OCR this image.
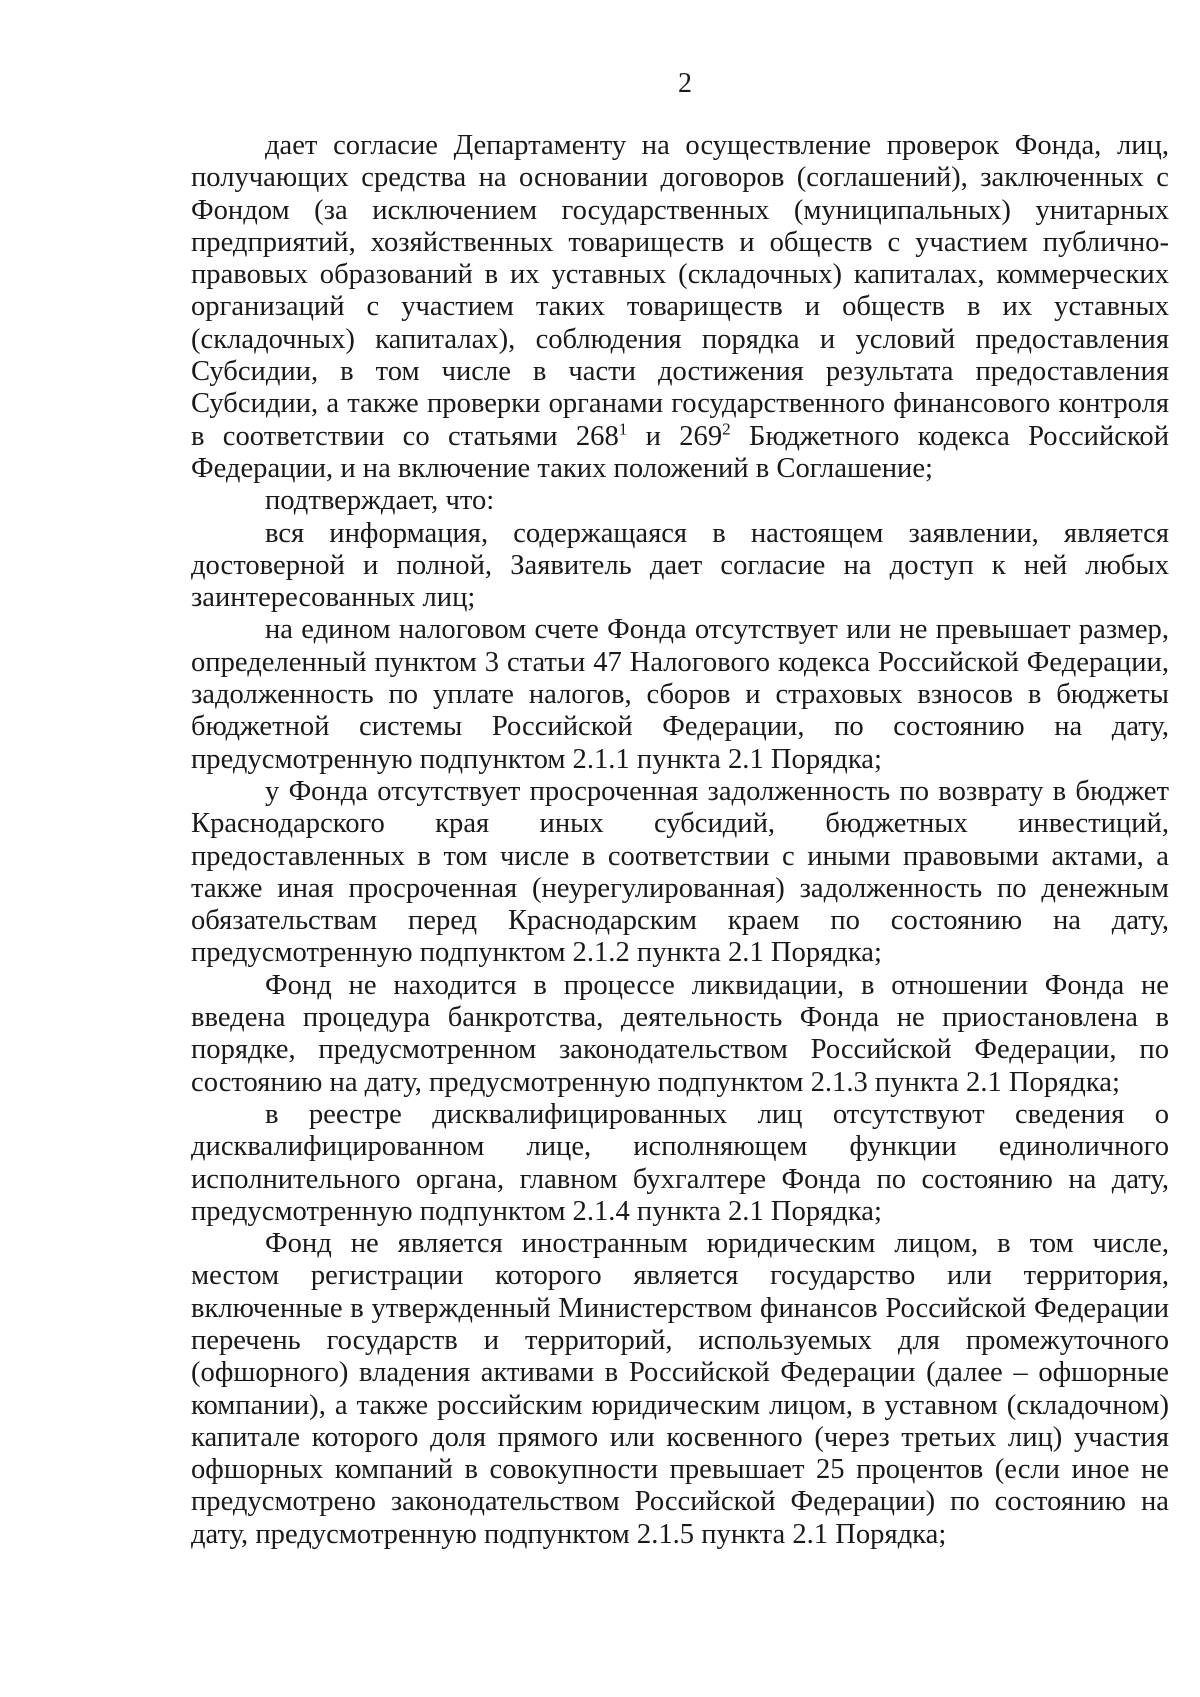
2

дает согласие Департаменту на осуществление проверок Фонда, лиц, получающих средства на основании договоров (соглашений), заключенных с Фондом (за исключением государственных (муниципальных) унитарных предприятий, хозяйственных товариществ и обществ с участием публично-правовых образований в их уставных (складочных) капиталах, коммерческих организаций с участием таких товариществ и обществ в их уставных (складочных) капиталах), соблюдения порядка и условий предоставления Субсидии, в том числе в части достижения результата предоставления Субсидии, а также проверки органами государственного финансового контроля в соответствии со статьями $268^1$ и $269^2$ Бюджетного кодекса Российской Федерации, и на включение таких положений в Соглашение;

подтверждает, что:

вся информация, содержащаяся в настоящем заявлении, является достоверной и полной, Заявитель дает согласие на доступ к ней любых заинтересованных лиц;

на едином налоговом счете Фонда отсутствует или не превышает размер, определенный пунктом 3 статьи 47 Налогового кодекса Российской Федерации, задолженность по уплате налогов, сборов и страховых взносов в бюджеты бюджетной системы Российской Федерации, по состоянию на дату, предусмотренную подпунктом 2.1.1 пункта 2.1 Порядка;

у Фонда отсутствует просроченная задолженность по возврату в бюджет Краснодарского края иных субсидий, бюджетных инвестиций, предоставленных в том числе в соответствии с иными правовыми актами, а также иная просроченная (неурегулированная) задолженность по денежным обязательствам перед Краснодарским краем по состоянию на дату, предусмотренную подпунктом 2.1.2 пункта 2.1 Порядка;

Фонд не находится в процессе ликвидации, в отношении Фонда не введена процедура банкротства, деятельность Фонда не приостановлена в порядке, предусмотренном законодательством Российской Федерации, по состоянию на дату, предусмотренную подпунктом 2.1.3 пункта 2.1 Порядка;

в реестре дисквалифицированных лиц отсутствуют сведения о дисквалифицированном лице, исполняющем функции единоличного исполнительного органа, главном бухгалтере Фонда по состоянию на дату, предусмотренную подпунктом 2.1.4 пункта 2.1 Порядка;

Фонд не является иностранным юридическим лицом, в том числе, местом регистрации которого является государство или территория, включенные в утвержденный Министерством финансов Российской Федерации перечень государств и территорий, используемых для промежуточного (офшорного) владения активами в Российской Федерации (далее – офшорные компании), а также российским юридическим лицом, в уставном (складочном) капитале которого доля прямого или косвенного (через третьих лиц) участия офшорных компаний в совокупности превышает 25 процентов (если иное не предусмотрено законодательством Российской Федерации) по состоянию на дату, предусмотренную подпунктом 2.1.5 пункта 2.1 Порядка;
